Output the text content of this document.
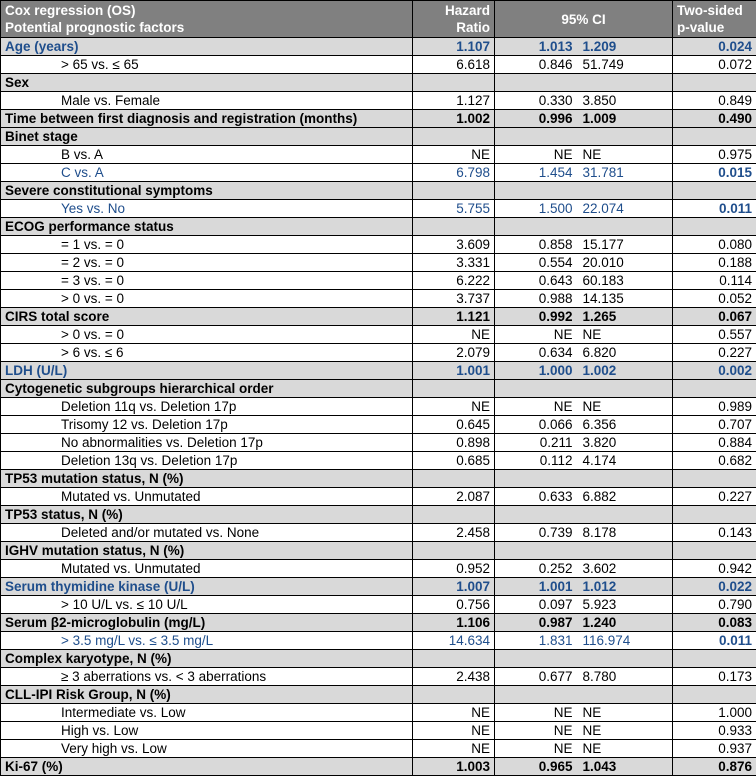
Cox regression (OS)
Potential prognostic factors	Hazard
Ratio	95% CI		Two-sided
p-value
Age (years)	1.107	1.013	1.209	0.024
> 65 vs. ≤ 65	6.618	0.846	51.749	0.072
Sex				
Male vs. Female	1.127	0.330	3.850	0.849
Time between first diagnosis and registration (months)	1.002	0.996	1.009	0.490
Binet stage				
B vs. A	NE	NE	NE	0.975
C vs. A	6.798	1.454	31.781	0.015
Severe constitutional symptoms				
Yes vs. No	5.755	1.500	22.074	0.011
ECOG performance status				
= 1 vs. = 0	3.609	0.858	15.177	0.080
= 2 vs. = 0	3.331	0.554	20.010	0.188
= 3 vs. = 0	6.222	0.643	60.183	0.114
> 0 vs. = 0	3.737	0.988	14.135	0.052
CIRS total score	1.121	0.992	1.265	0.067
> 0 vs. = 0	NE	NE	NE	0.557
> 6 vs. ≤ 6	2.079	0.634	6.820	0.227
LDH (U/L)	1.001	1.000	1.002	0.002
Cytogenetic subgroups hierarchical order				
Deletion 11q vs. Deletion 17p	NE	NE	NE	0.989
Trisomy 12 vs. Deletion 17p	0.645	0.066	6.356	0.707
No abnormalities vs. Deletion 17p	0.898	0.211	3.820	0.884
Deletion 13q vs. Deletion 17p	0.685	0.112	4.174	0.682
TP53 mutation status, N (%)				
Mutated vs. Unmutated	2.087	0.633	6.882	0.227
TP53 status, N (%)				
Deleted and/or mutated vs. None	2.458	0.739	8.178	0.143
IGHV mutation status, N (%)				
Mutated vs. Unmutated	0.952	0.252	3.602	0.942
Serum thymidine kinase (U/L)	1.007	1.001	1.012	0.022
> 10 U/L vs. ≤ 10 U/L	0.756	0.097	5.923	0.790
Serum β2-microglobulin (mg/L)	1.106	0.987	1.240	0.083
> 3.5 mg/L vs. ≤ 3.5 mg/L	14.634	1.831	116.974	0.011
Complex karyotype, N (%)				
≥ 3 aberrations vs. < 3 aberrations	2.438	0.677	8.780	0.173
CLL-IPI Risk Group, N (%)				
Intermediate vs. Low	NE	NE	NE	1.000
High vs. Low	NE	NE	NE	0.933
Very high vs. Low	NE	NE	NE	0.937
Ki-67 (%)	1.003	0.965	1.043	0.876
